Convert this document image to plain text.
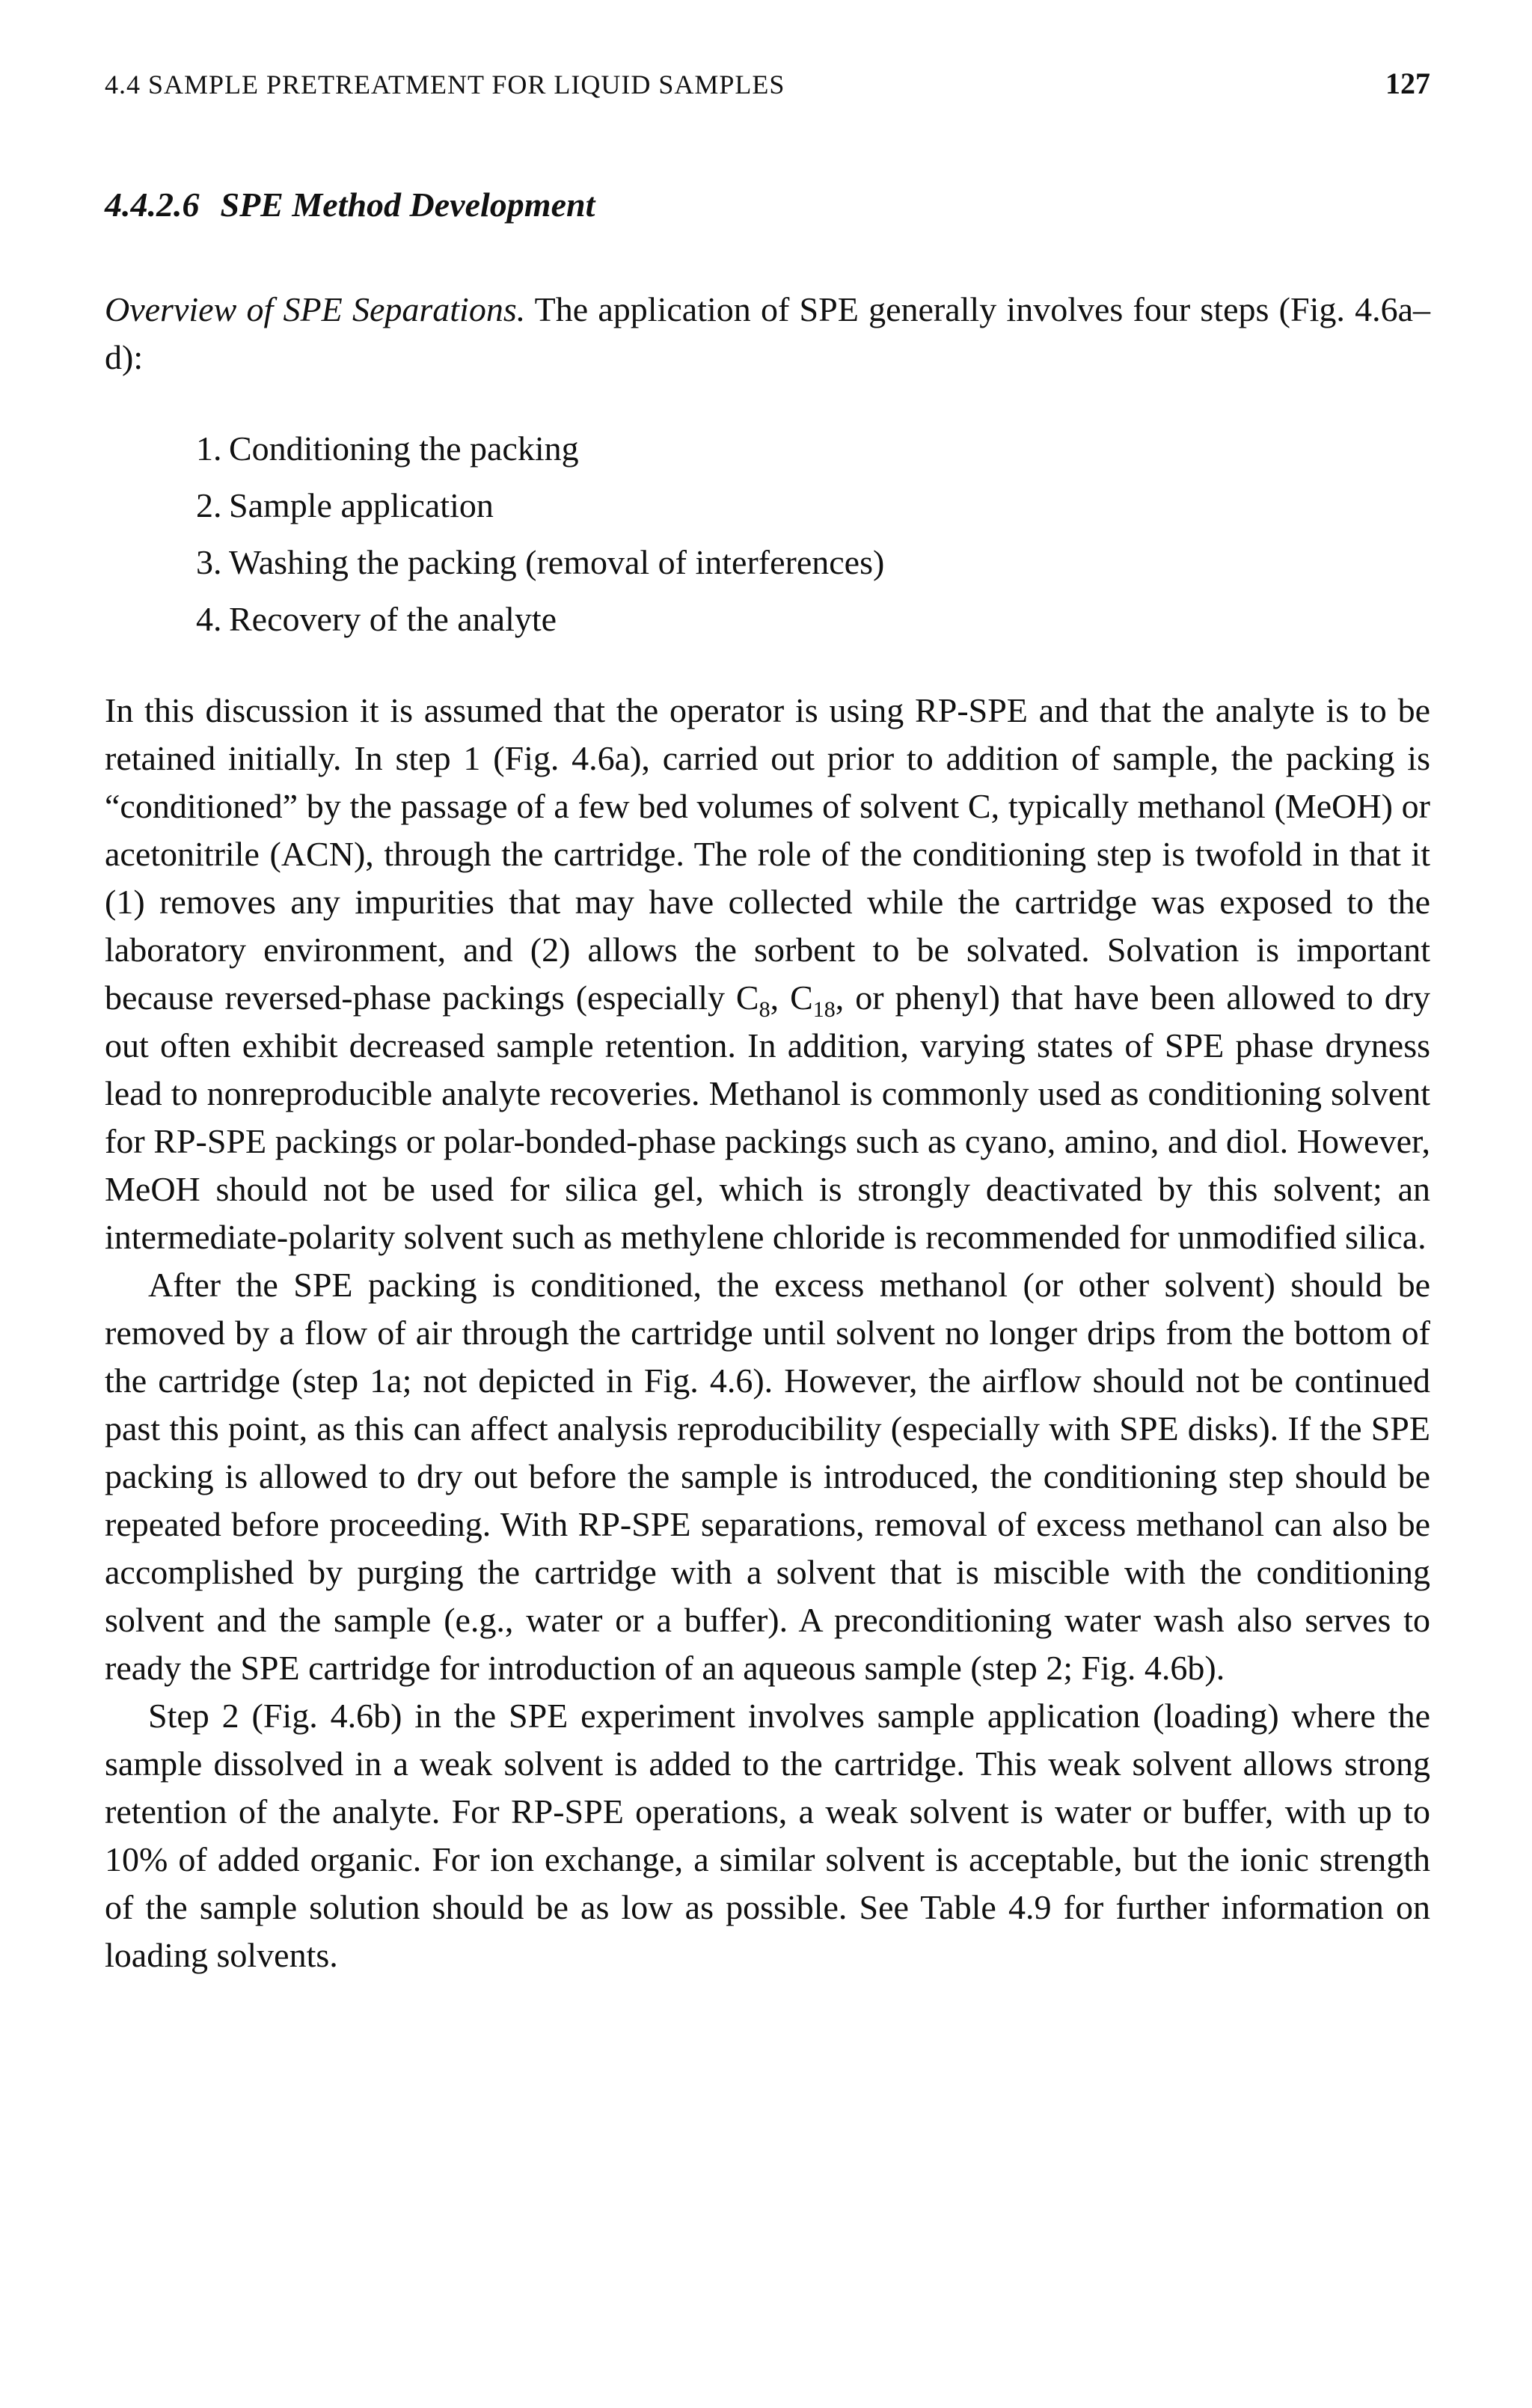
4.4 SAMPLE PRETREATMENT FOR LIQUID SAMPLES	127
4.4.2.6 SPE Method Development

Overview of SPE Separations. The application of SPE generally involves four steps (Fig. 4.6a–d):

1. Conditioning the packing
2. Sample application
3. Washing the packing (removal of interferences)
4. Recovery of the analyte

In this discussion it is assumed that the operator is using RP-SPE and that the analyte is to be retained initially. In step 1 (Fig. 4.6a), carried out prior to addition of sample, the packing is “conditioned” by the passage of a few bed volumes of solvent C, typically methanol (MeOH) or acetonitrile (ACN), through the cartridge. The role of the conditioning step is twofold in that it (1) removes any impurities that may have collected while the cartridge was exposed to the laboratory environment, and (2) allows the sorbent to be solvated. Solvation is important because reversed-phase packings (especially $C_8$, $C_{18}$, or phenyl) that have been allowed to dry out often exhibit decreased sample retention. In addition, varying states of SPE phase dryness lead to nonreproducible analyte recoveries. Methanol is commonly used as conditioning solvent for RP-SPE packings or polar-bonded-phase packings such as cyano, amino, and diol. However, MeOH should not be used for silica gel, which is strongly deactivated by this solvent; an intermediate-polarity solvent such as methylene chloride is recommended for unmodified silica.

After the SPE packing is conditioned, the excess methanol (or other solvent) should be removed by a flow of air through the cartridge until solvent no longer drips from the bottom of the cartridge (step 1a; not depicted in Fig. 4.6). However, the airflow should not be continued past this point, as this can affect analysis reproducibility (especially with SPE disks). If the SPE packing is allowed to dry out before the sample is introduced, the conditioning step should be repeated before proceeding. With RP-SPE separations, removal of excess methanol can also be accomplished by purging the cartridge with a solvent that is miscible with the conditioning solvent and the sample (e.g., water or a buffer). A preconditioning water wash also serves to ready the SPE cartridge for introduction of an aqueous sample (step 2; Fig. 4.6b).

Step 2 (Fig. 4.6b) in the SPE experiment involves sample application (loading) where the sample dissolved in a weak solvent is added to the cartridge. This weak solvent allows strong retention of the analyte. For RP-SPE operations, a weak solvent is water or buffer, with up to 10% of added organic. For ion exchange, a similar solvent is acceptable, but the ionic strength of the sample solution should be as low as possible. See Table 4.9 for further information on loading solvents.
